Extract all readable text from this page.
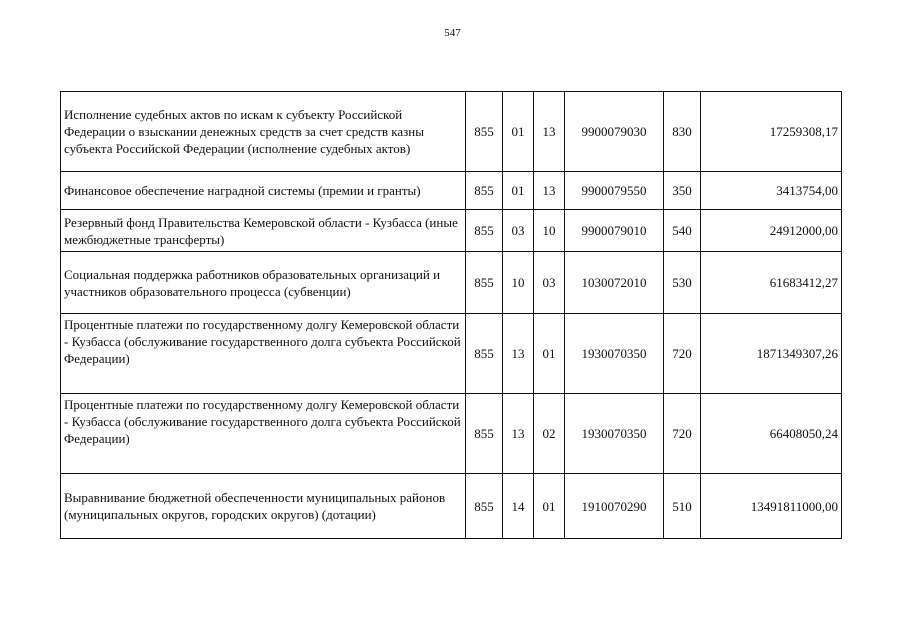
547
Исполнение судебных актов по искам к субъекту Российской Федерации о взыскании денежных средств за счет средств казны субъекта Российской Федерации (исполнение судебных актов)	855	01	13	9900079030	830	17259308,17
Финансовое обеспечение наградной системы (премии и гранты)	855	01	13	9900079550	350	3413754,00
Резервный фонд Правительства Кемеровской области - Кузбасса (иные межбюджетные трансферты)	855	03	10	9900079010	540	24912000,00
Социальная поддержка работников образовательных организаций и участников образовательного процесса (субвенции)	855	10	03	1030072010	530	61683412,27
Процентные платежи по государственному долгу Кемеровской области - Кузбасса (обслуживание государственного долга субъекта Российской Федерации)	855	13	01	1930070350	720	1871349307,26
Процентные платежи по государственному долгу Кемеровской области - Кузбасса (обслуживание государственного долга субъекта Российской Федерации)	855	13	02	1930070350	720	66408050,24
Выравнивание бюджетной обеспеченности муниципальных районов (муниципальных округов, городских округов) (дотации)	855	14	01	1910070290	510	13491811000,00
